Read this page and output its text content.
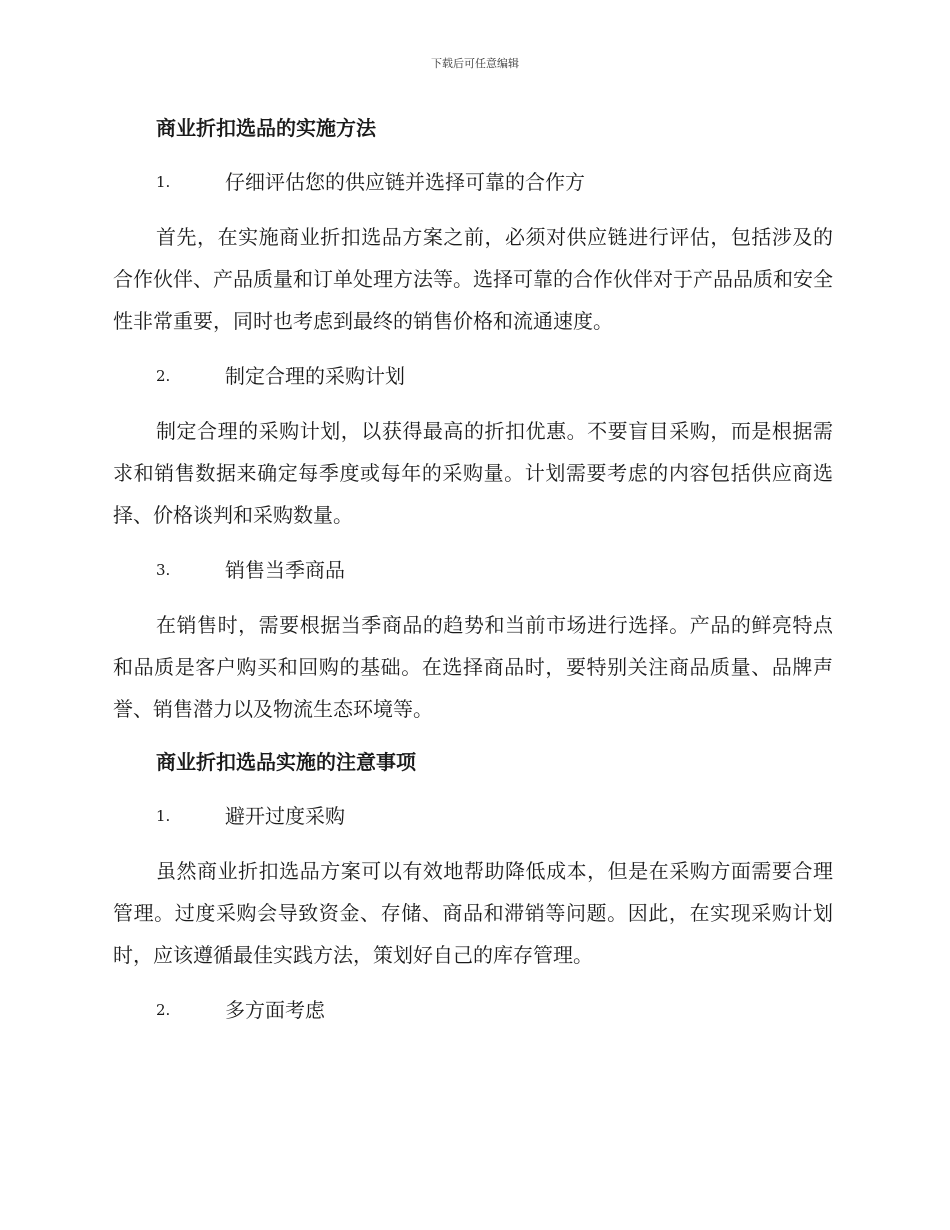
下载后可任意编辑
商业折扣选品的实施方法
1.	仔细评估您的供应链并选择可靠的合作方
首先，在实施商业折扣选品方案之前，必须对供应链进行评估，包括涉及的合作伙伴、产品质量和订单处理方法等。选择可靠的合作伙伴对于产品品质和安全性非常重要，同时也考虑到最终的销售价格和流通速度。
2.	制定合理的采购计划
制定合理的采购计划，以获得最高的折扣优惠。不要盲目采购，而是根据需求和销售数据来确定每季度或每年的采购量。计划需要考虑的内容包括供应商选择、价格谈判和采购数量。
3.	销售当季商品
在销售时，需要根据当季商品的趋势和当前市场进行选择。产品的鲜亮特点和品质是客户购买和回购的基础。在选择商品时，要特别关注商品质量、品牌声誉、销售潜力以及物流生态环境等。
商业折扣选品实施的注意事项
1.	避开过度采购
虽然商业折扣选品方案可以有效地帮助降低成本，但是在采购方面需要合理管理。过度采购会导致资金、存储、商品和滞销等问题。因此，在实现采购计划时，应该遵循最佳实践方法，策划好自己的库存管理。
2.	多方面考虑
